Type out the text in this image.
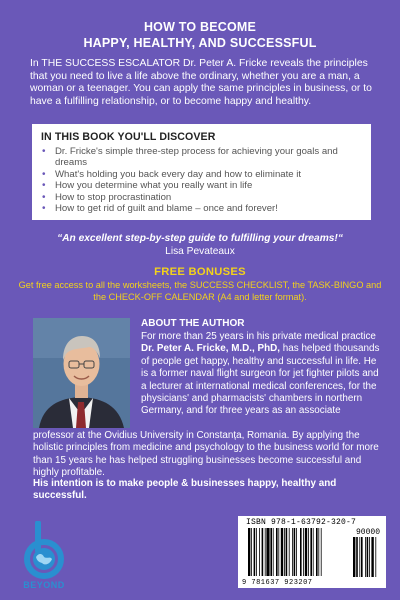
HOW TO BECOME
HAPPY, HEALTHY, AND SUCCESSFUL
In THE SUCCESS ESCALATOR Dr. Peter A. Fricke reveals the principles that you need to live a life above the ordinary, whether you are a man, a woman or a teenager. You can apply the same principles in business, or to have a fulfilling relationship, or to become happy and healthy.
IN THIS BOOK YOU'LL DISCOVER
• Dr. Fricke's simple three-step process for achieving your goals and dreams
• What's holding you back every day and how to eliminate it
• How you determine what you really want in life
• How to stop procrastination
• How to get rid of guilt and blame – once and forever!
“An excellent step-by-step guide to fulfilling your dreams!“
Lisa Pevateaux
FREE BONUSES
Get free access to all the worksheets, the SUCCESS CHECKLIST, the TASK-BINGO and the CHECK-OFF CALENDAR (A4 and letter format).
ABOUT THE AUTHOR
For more than 25 years in his private medical practice Dr. Peter A. Fricke, M.D., PhD, has helped thousands of people get happy, healthy and successful in life. He is a former naval flight surgeon for jet fighter pilots and a lecturer at international medical conferences, for the physicians' and pharmacists' chambers in northern Germany, and for three years as an associate
professor at the Ovidius University in Constanța, Romania. By applying the holistic principles from medicine and psychology to the business world for more than 15 years he has helped struggling businesses become successful and highly profitable.
His intention is to make people & businesses happy, healthy and successful.
BEYOND
ISBN 978-1-63792-320-7
90000
9 781637 923207
